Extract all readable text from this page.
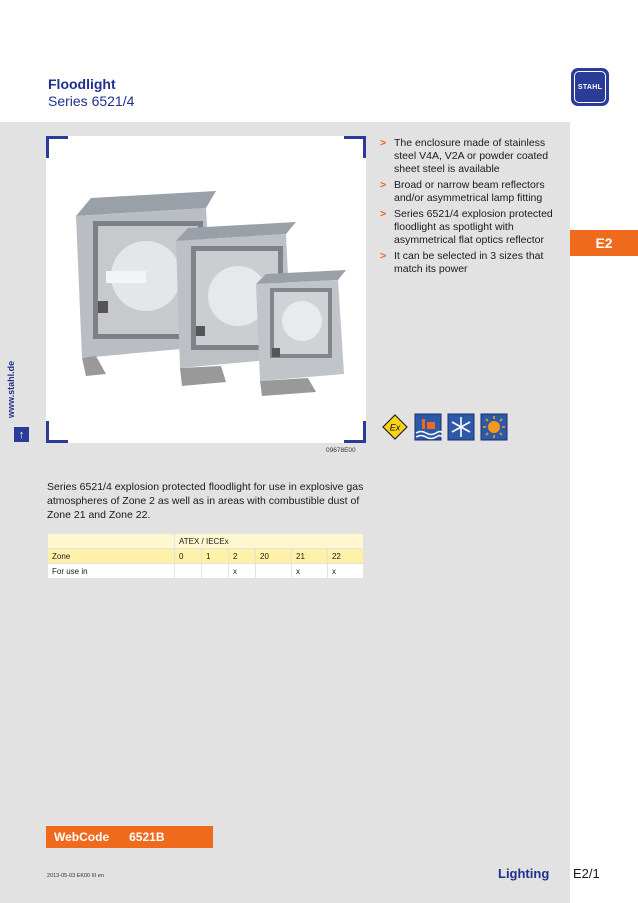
Floodlight
Series 6521/4
STAHL
E2
www.stahl.de
↑
09678E00
> The enclosure made of stainless steel V4A, V2A or powder coated sheet steel is available
> Broad or narrow beam reflectors and/or asymmetrical lamp fitting
> Series 6521/4 explosion protected floodlight as spotlight with asymmetrical flat optics reflector
> It can be selected in 3 sizes that match its power
Ex
Series 6521/4 explosion protected floodlight for use in explosive gas atmospheres of Zone 2 as well as in areas with combustible dust of Zone 21 and Zone 22.
	ATEX / IECEx					
Zone	0	1	2	20	21	22
For use in			x		x	x
WebCode 6521B
2013-05-03 EK00 III en	Lighting E2/1
